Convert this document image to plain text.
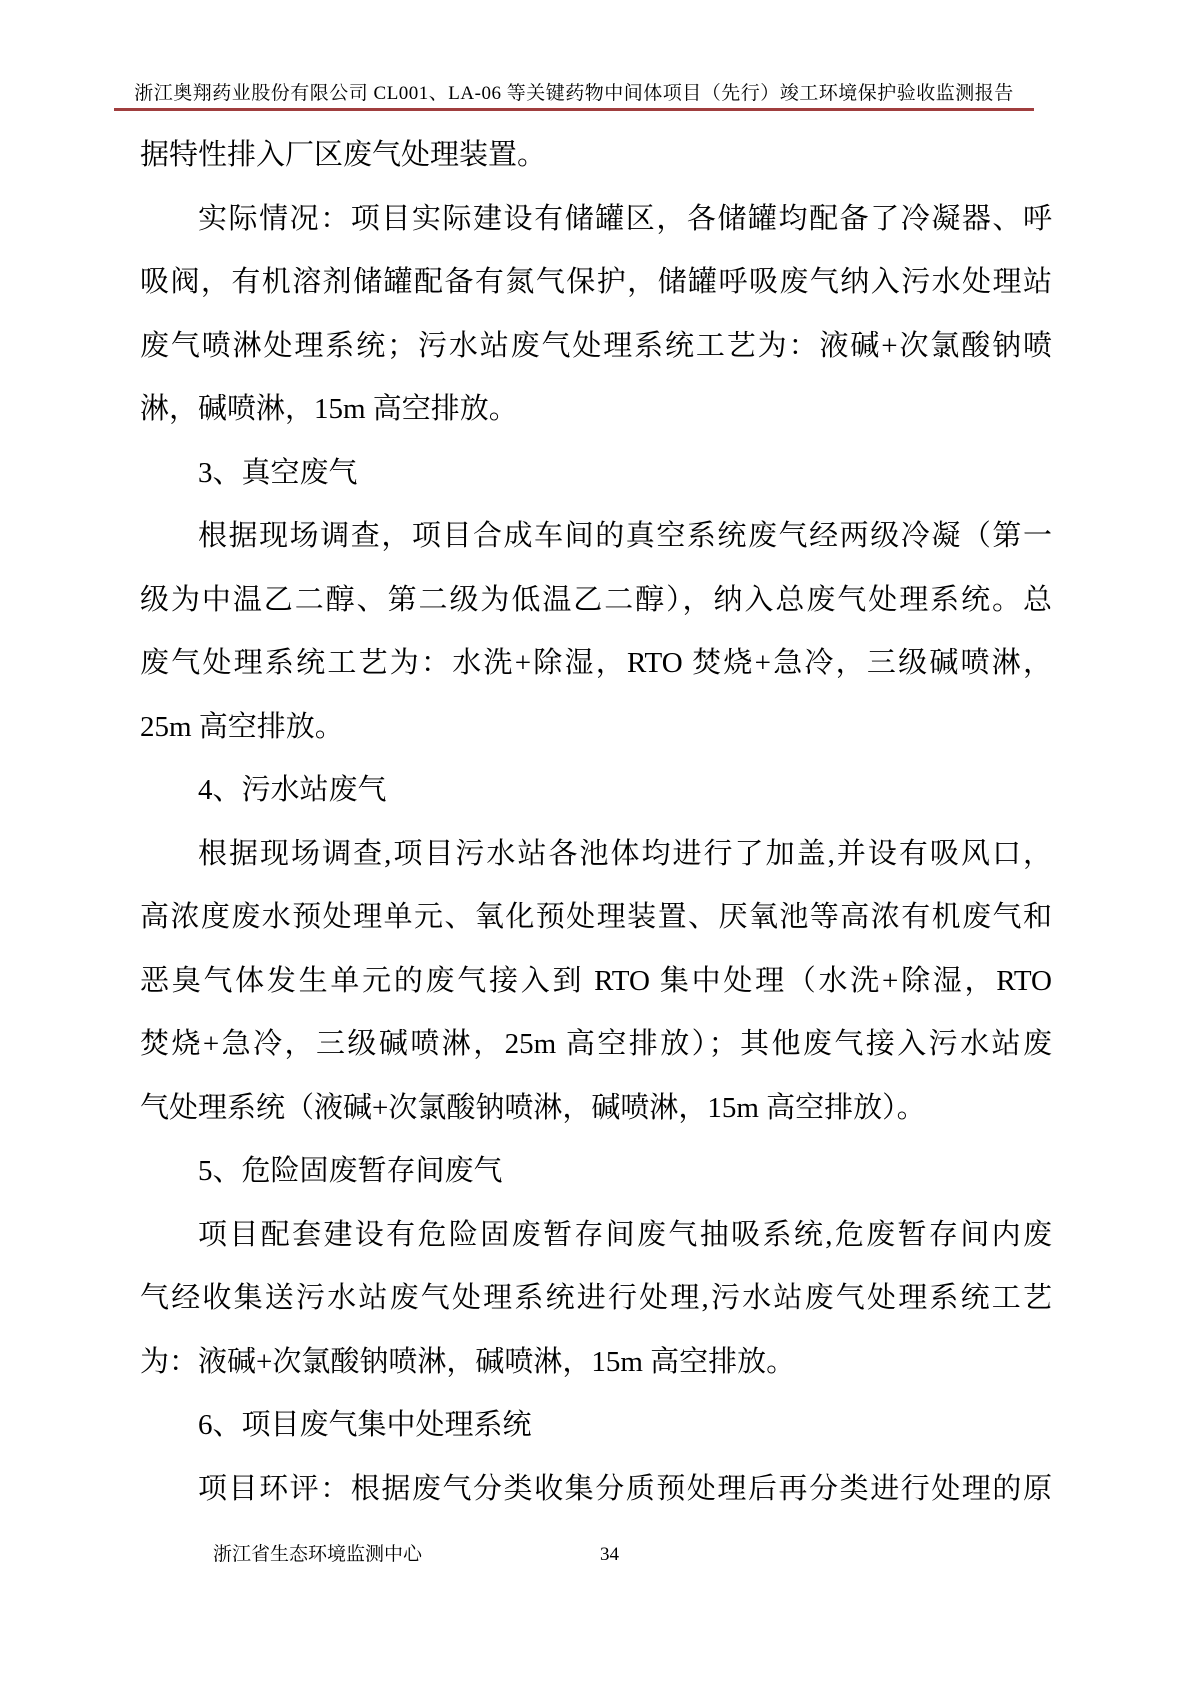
浙江奥翔药业股份有限公司 CL001、LA-06 等关键药物中间体项目（先行）竣工环境保护验收监测报告
据特性排入厂区废气处理装置。
实际情况：项目实际建设有储罐区，各储罐均配备了冷凝器、呼
吸阀，有机溶剂储罐配备有氮气保护，储罐呼吸废气纳入污水处理站
废气喷淋处理系统；污水站废气处理系统工艺为：液碱+次氯酸钠喷
淋，碱喷淋，15m 高空排放。
3、真空废气
根据现场调查，项目合成车间的真空系统废气经两级冷凝（第一
级为中温乙二醇、第二级为低温乙二醇），纳入总废气处理系统。总
废气处理系统工艺为：水洗+除湿，RTO 焚烧+急冷，三级碱喷淋，
25m 高空排放。
4、污水站废气
根据现场调查,项目污水站各池体均进行了加盖,并设有吸风口，
高浓度废水预处理单元、氧化预处理装置、厌氧池等高浓有机废气和
恶臭气体发生单元的废气接入到 RTO 集中处理（水洗+除湿，RTO
焚烧+急冷，三级碱喷淋，25m 高空排放）；其他废气接入污水站废
气处理系统（液碱+次氯酸钠喷淋，碱喷淋，15m 高空排放）。
5、危险固废暂存间废气
项目配套建设有危险固废暂存间废气抽吸系统,危废暂存间内废
气经收集送污水站废气处理系统进行处理,污水站废气处理系统工艺
为：液碱+次氯酸钠喷淋，碱喷淋，15m 高空排放。
6、项目废气集中处理系统
项目环评：根据废气分类收集分质预处理后再分类进行处理的原
浙江省生态环境监测中心	34
